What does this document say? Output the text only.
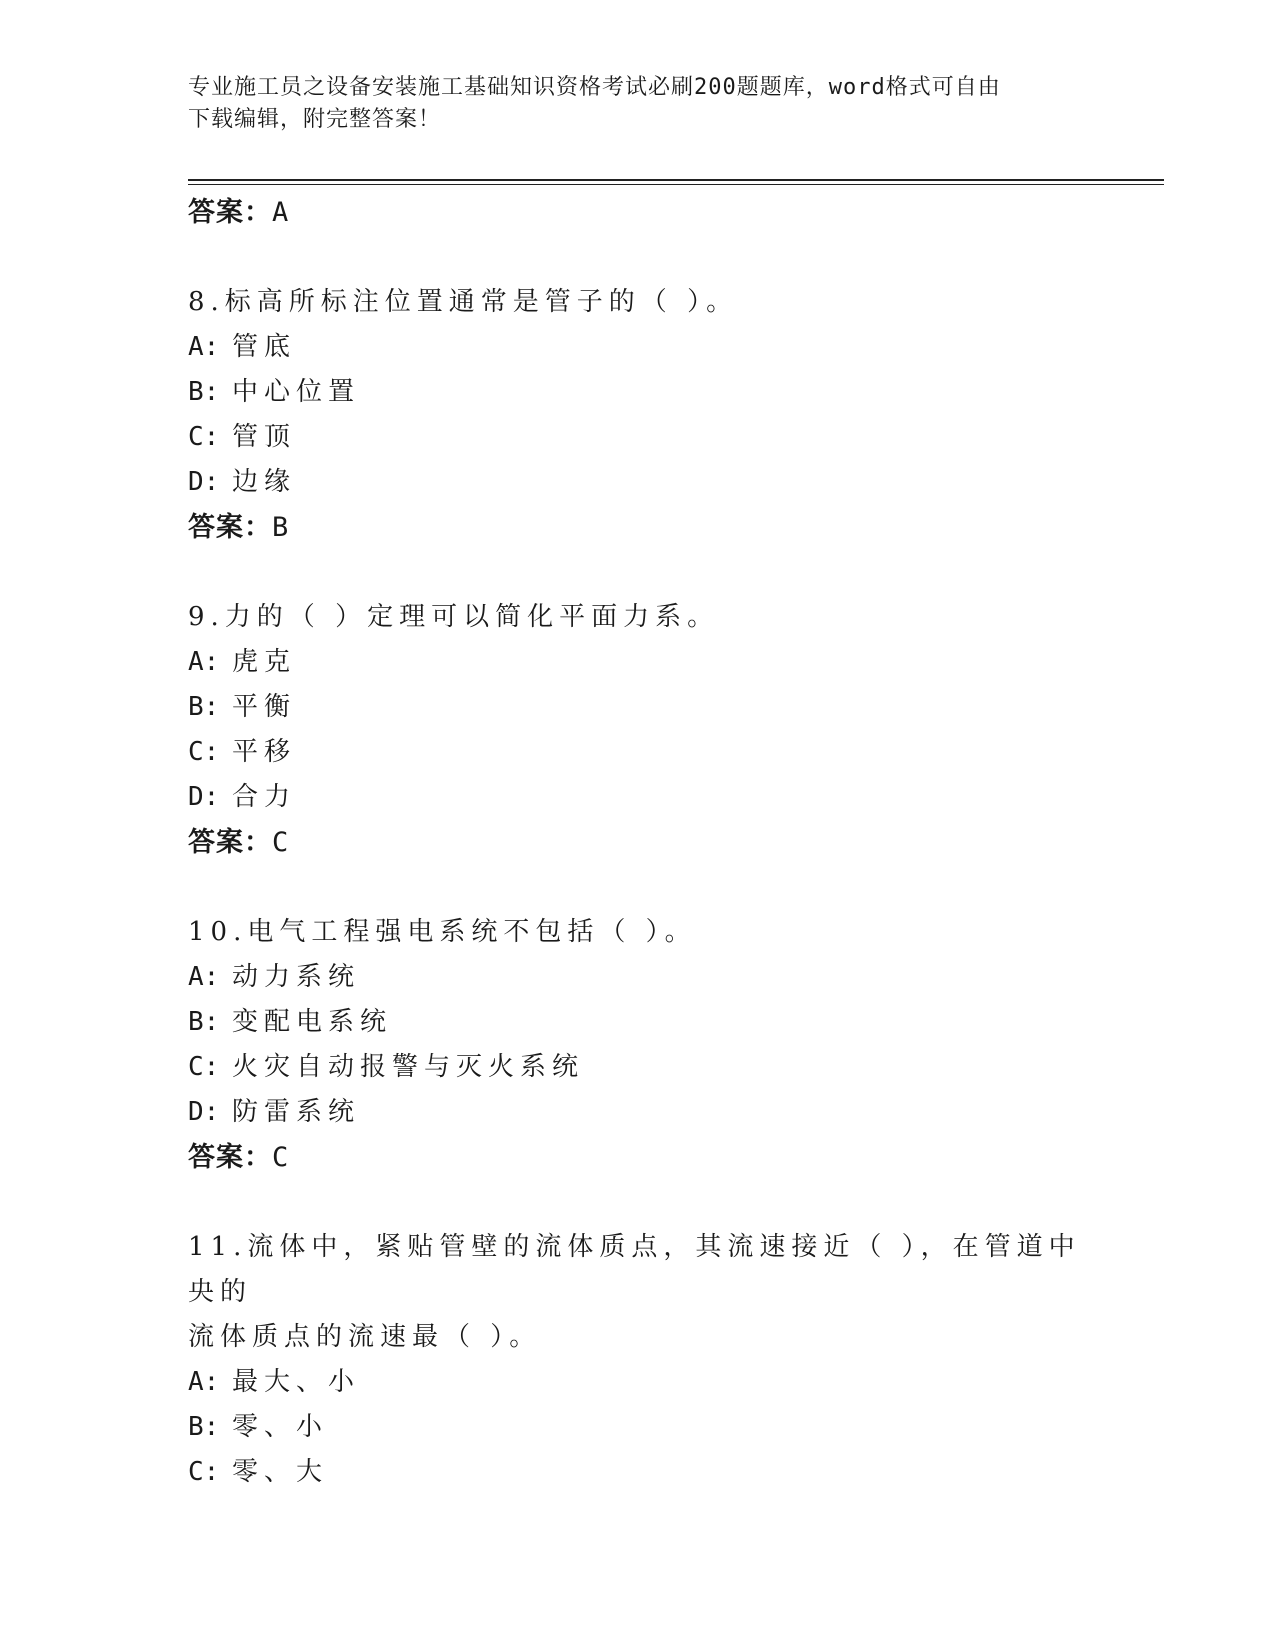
专业施工员之设备安装施工基础知识资格考试必刷200题题库，word格式可自由
下载编辑，附完整答案！
答案：A
8.标高所标注位置通常是管子的（ ）。
A: 管底
B: 中心位置
C: 管顶
D: 边缘
答案：B
9.力的（ ）定理可以简化平面力系。
A: 虎克
B: 平衡
C: 平移
D: 合力
答案：C
10.电气工程强电系统不包括（ ）。
A: 动力系统
B: 变配电系统
C: 火灾自动报警与灭火系统
D: 防雷系统
答案：C
11.流体中，紧贴管壁的流体质点，其流速接近（ ），在管道中央的
流体质点的流速最（ ）。
A: 最大、小
B: 零、小
C: 零、大
